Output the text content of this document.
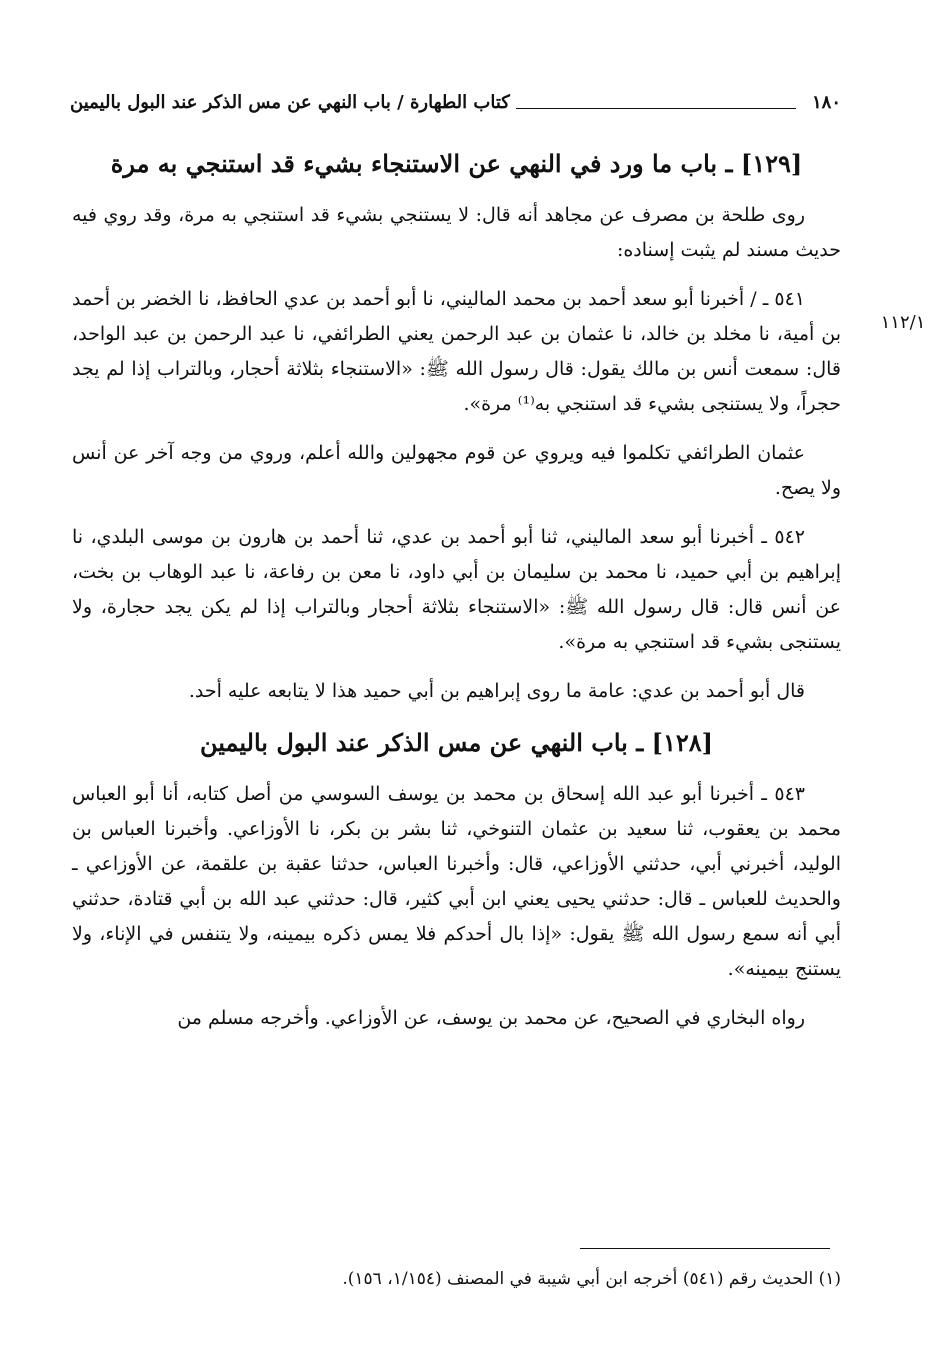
١٨٠
كتاب الطهارة / باب النهي عن مس الذكر عند البول باليمين
١١٢/١
[١٢٩] ـ باب ما ورد في النهي عن الاستنجاء بشيء قد استنجي به مرة

روى طلحة بن مصرف عن مجاهد أنه قال: لا يستنجي بشيء قد استنجي به مرة، وقد روي فيه حديث مسند لم يثبت إسناده:

٥٤١ ـ / أخبرنا أبو سعد أحمد بن محمد الماليني، نا أبو أحمد بن عدي الحافظ، نا الخضر بن أحمد بن أمية، نا مخلد بن خالد، نا عثمان بن عبد الرحمن يعني الطرائفي، نا عبد الرحمن بن عبد الواحد، قال: سمعت أنس بن مالك يقول: قال رسول الله ﷺ: «الاستنجاء بثلاثة أحجار، وبالتراب إذا لم يجد حجراً، ولا يستنجى بشيء قد استنجي به⁽¹⁾ مرة».

عثمان الطرائفي تكلموا فيه ويروي عن قوم مجهولين والله أعلم، وروي من وجه آخر عن أنس ولا يصح.

٥٤٢ ـ أخبرنا أبو سعد الماليني، ثنا أبو أحمد بن عدي، ثنا أحمد بن هارون بن موسى البلدي، نا إبراهيم بن أبي حميد، نا محمد بن سليمان بن أبي داود، نا معن بن رفاعة، نا عبد الوهاب بن بخت، عن أنس قال: قال رسول الله ﷺ: «الاستنجاء بثلاثة أحجار وبالتراب إذا لم يكن يجد حجارة، ولا يستنجى بشيء قد استنجي به مرة».

قال أبو أحمد بن عدي: عامة ما روى إبراهيم بن أبي حميد هذا لا يتابعه عليه أحد.

[١٢٨] ـ باب النهي عن مس الذكر عند البول باليمين

٥٤٣ ـ أخبرنا أبو عبد الله إسحاق بن محمد بن يوسف السوسي من أصل كتابه، أنا أبو العباس محمد بن يعقوب، ثنا سعيد بن عثمان التنوخي، ثنا بشر بن بكر، نا الأوزاعي. وأخبرنا العباس بن الوليد، أخبرني أبي، حدثني الأوزاعي، قال: وأخبرنا العباس، حدثنا عقبة بن علقمة، عن الأوزاعي ـ والحديث للعباس ـ قال: حدثني يحيى يعني ابن أبي كثير، قال: حدثني عبد الله بن أبي قتادة، حدثني أبي أنه سمع رسول الله ﷺ يقول: «إذا بال أحدكم فلا يمس ذكره بيمينه، ولا يتنفس في الإناء، ولا يستنج بيمينه».

رواه البخاري في الصحيح، عن محمد بن يوسف، عن الأوزاعي. وأخرجه مسلم من

(١) الحديث رقم (٥٤١) أخرجه ابن أبي شيبة في المصنف (١/١٥٤، ١٥٦).
